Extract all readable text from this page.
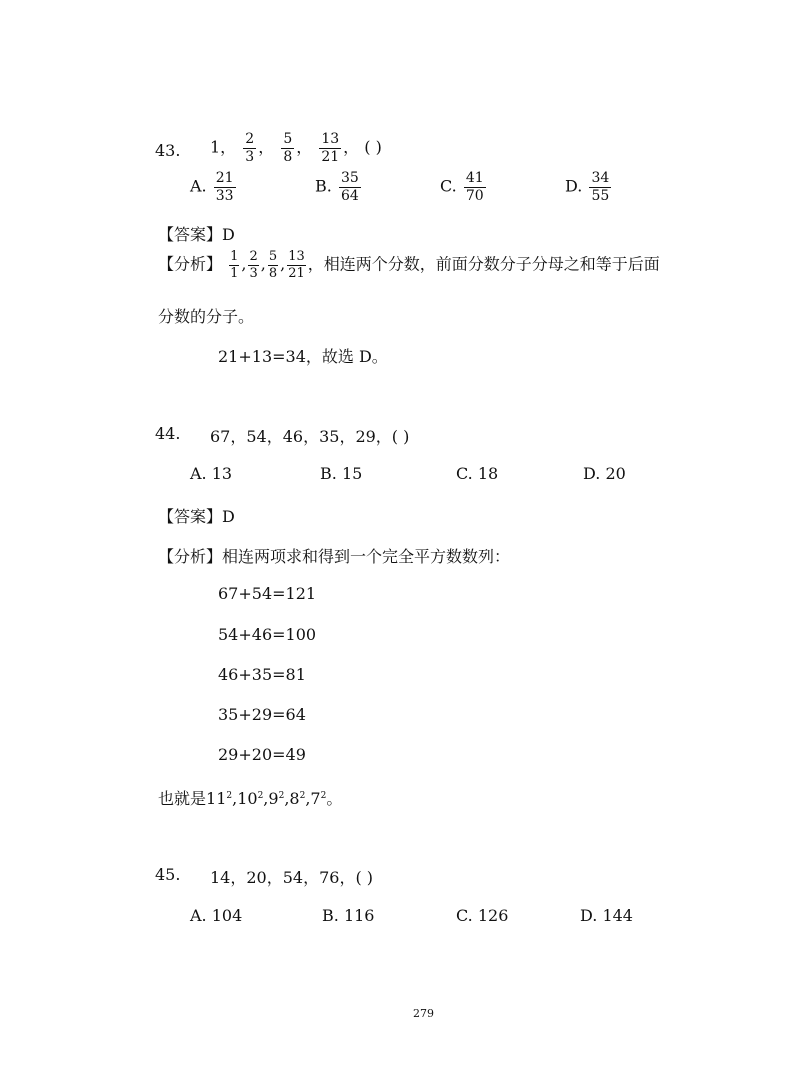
43. 1， $\frac{2}{3}$ ， $\frac{5}{8}$ ， $\frac{13}{21}$ ， ( )
A. $\frac{21}{33}$	B. $\frac{35}{64}$	C. $\frac{41}{70}$	D. $\frac{34}{55}$
【答案】D
【分析】 $\frac{1}{1}$ , $\frac{2}{3}$ , $\frac{5}{8}$ , $\frac{13}{21}$ ，相连两个分数，前面分数分子分母之和等于后面
分数的分子。
21+13=34，故选 D。
44. 67，54，46，35，29，( )
A. 13	B. 15	C. 18	D. 20
【答案】D
【分析】相连两项求和得到一个完全平方数数列：
67+54=121
54+46=100
46+35=81
35+29=64
29+20=49
也就是$11^2,10^2,9^2,8^2,7^2$。
45. 14，20，54，76，( )
A. 104	B. 116	C. 126	D. 144
279
